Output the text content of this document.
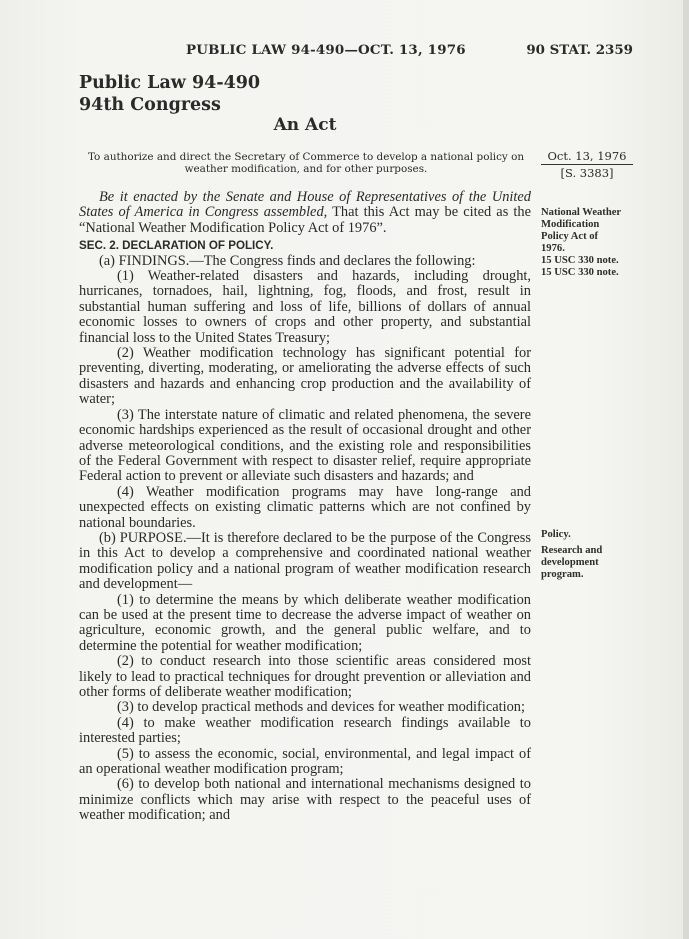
PUBLIC LAW 94-490—OCT. 13, 1976	90 STAT. 2359
Public Law 94-490
94th Congress
An Act
To authorize and direct the Secretary of Commerce to develop a national policy on weather modification, and for other purposes.
Oct. 13, 1976
[S. 3383]

Be it enacted by the Senate and House of Representatives of the United States of America in Congress assembled, That this Act may be cited as the “National Weather Modification Policy Act of 1976”.

SEC. 2. DECLARATION OF POLICY.

(a) FINDINGS.—The Congress finds and declares the following:

(1) Weather-related disasters and hazards, including drought, hurricanes, tornadoes, hail, lightning, fog, floods, and frost, result in substantial human suffering and loss of life, billions of dollars of annual economic losses to owners of crops and other property, and substantial financial loss to the United States Treasury;

(2) Weather modification technology has significant potential for preventing, diverting, moderating, or ameliorating the adverse effects of such disasters and hazards and enhancing crop production and the availability of water;

(3) The interstate nature of climatic and related phenomena, the severe economic hardships experienced as the result of occasional drought and other adverse meteorological conditions, and the existing role and responsibilities of the Federal Government with respect to disaster relief, require appropriate Federal action to prevent or alleviate such disasters and hazards; and

(4) Weather modification programs may have long-range and unexpected effects on existing climatic patterns which are not confined by national boundaries.

(b) PURPOSE.—It is therefore declared to be the purpose of the Congress in this Act to develop a comprehensive and coordinated national weather modification policy and a national program of weather modification research and development—

(1) to determine the means by which deliberate weather modification can be used at the present time to decrease the adverse impact of weather on agriculture, economic growth, and the general public welfare, and to determine the potential for weather modification;

(2) to conduct research into those scientific areas considered most likely to lead to practical techniques for drought prevention or alleviation and other forms of deliberate weather modification;

(3) to develop practical methods and devices for weather modification;

(4) to make weather modification research findings available to interested parties;

(5) to assess the economic, social, environmental, and legal impact of an operational weather modification program;

(6) to develop both national and international mechanisms designed to minimize conflicts which may arise with respect to the peaceful uses of weather modification; and

National Weather
Modification
Policy Act of
1976.
15 USC 330 note.
15 USC 330 note.
Policy.
Research and
development
program.
